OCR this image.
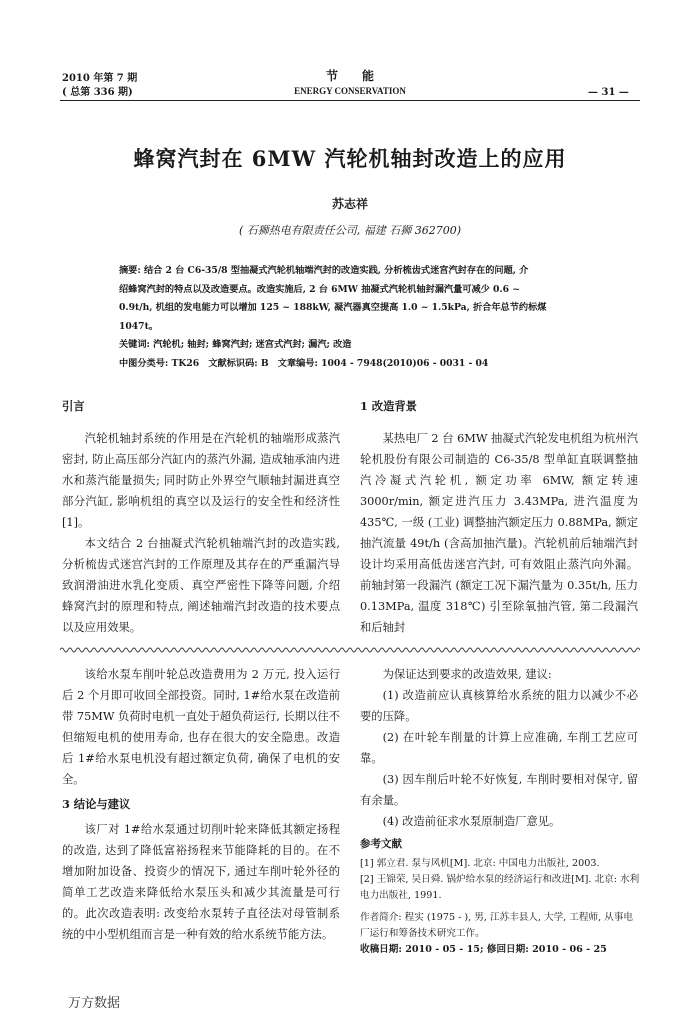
2010 年第 7 期
( 总第 336 期)
节　　能
ENERGY CONSERVATION	— 31 —
蜂窝汽封在 6MW 汽轮机轴封改造上的应用
苏志祥
( 石狮热电有限责任公司, 福建 石狮 362700)

摘要: 结合 2 台 C6-35/8 型抽凝式汽轮机轴端汽封的改造实践, 分析梳齿式迷宫汽封存在的问题, 介

绍蜂窝汽封的特点以及改造要点。改造实施后, 2 台 6MW 抽凝式汽轮机轴封漏汽量可减少 0.6 ~

0.9t/h, 机组的发电能力可以增加 125 ~ 188kW, 凝汽器真空提高 1.0 ~ 1.5kPa, 折合年总节约标煤

1047t。

关键词: 汽轮机; 轴封; 蜂窝汽封; 迷宫式汽封; 漏汽; 改造

中图分类号: TK26　文献标识码: B　文章编号: 1004 - 7948(2010)06 - 0031 - 04

引言

汽轮机轴封系统的作用是在汽轮机的轴端形成蒸汽密封, 防止高压部分汽缸内的蒸汽外漏, 造成轴承油内进水和蒸汽能量损失; 同时防止外界空气顺轴封漏进真空部分汽缸, 影响机组的真空以及运行的安全性和经济性[1]。

本文结合 2 台抽凝式汽轮机轴端汽封的改造实践, 分析梳齿式迷宫汽封的工作原理及其存在的严重漏汽导致润滑油进水乳化变质、真空严密性下降等问题, 介绍蜂窝汽封的原理和特点, 阐述轴端汽封改造的技术要点以及应用效果。

1 改造背景

某热电厂 2 台 6MW 抽凝式汽轮发电机组为杭州汽轮机股份有限公司制造的 C6-35/8 型单缸直联调整抽汽冷凝式汽轮机, 额定功率 6MW, 额定转速 3000r/min, 额定进汽压力 3.43MPa, 进汽温度为 435℃, 一级 (工业) 调整抽汽额定压力 0.88MPa, 额定抽汽流量 49t/h (含高加抽汽量)。汽轮机前后轴端汽封设计均采用高低齿迷宫汽封, 可有效阻止蒸汽向外漏。前轴封第一段漏汽 (额定工况下漏汽量为 0.35t/h, 压力 0.13MPa, 温度 318℃) 引至除氧抽汽管, 第二段漏汽和后轴封

该给水泵车削叶轮总改造费用为 2 万元, 投入运行后 2 个月即可收回全部投资。同时, 1#给水泵在改造前带 75MW 负荷时电机一直处于超负荷运行, 长期以往不但缩短电机的使用寿命, 也存在很大的安全隐患。改造后 1#给水泵电机没有超过额定负荷, 确保了电机的安全。

3 结论与建议

该厂对 1#给水泵通过切削叶轮来降低其额定扬程的改造, 达到了降低富裕扬程来节能降耗的目的。在不增加附加设备、投资少的情况下, 通过车削叶轮外径的简单工艺改造来降低给水泵压头和减少其流量是可行的。此次改造表明: 改变给水泵转子直径法对母管制系统的中小型机组而言是一种有效的给水系统节能方法。

为保证达到要求的改造效果, 建议:

(1) 改造前应认真核算给水系统的阻力以减少不必要的压降。

(2) 在叶轮车削量的计算上应准确, 车削工艺应可靠。

(3) 因车削后叶轮不好恢复, 车削时要相对保守, 留有余量。

(4) 改造前征求水泵原制造厂意见。

参考文献

[1] 郭立君. 泵与风机[M]. 北京: 中国电力出版社, 2003.

[2] 王锦荣, 吴日舜. 锅炉给水泵的经济运行和改进[M]. 北京: 水利电力出版社, 1991.

作者简介: 程实 (1975 - ), 男, 江苏丰县人, 大学, 工程师, 从事电厂运行和筹备技术研究工作。

收稿日期: 2010 - 05 - 15; 修回日期: 2010 - 06 - 25

万方数据
